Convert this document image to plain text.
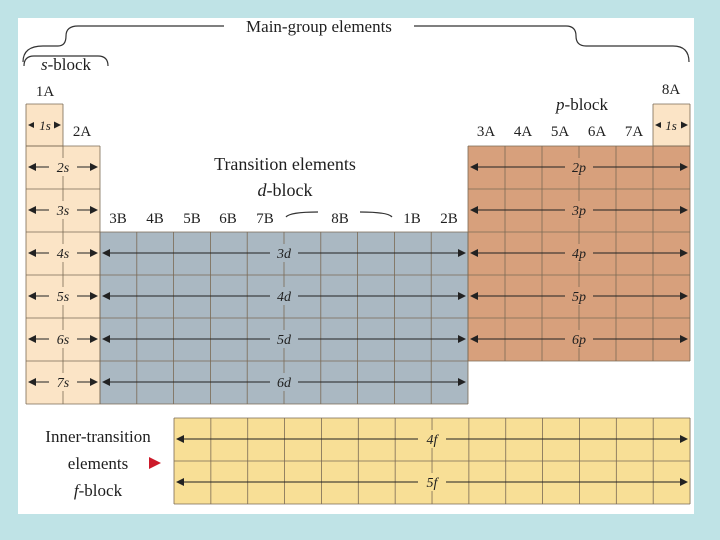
Main-group elements
s-block
p-block
Transition elements
d-block
1A
2A
3B 4B 5B 6B 7B	8B	1B 2B
3A 4A 5A 6A 7A
8A
1s	1s
2s
3s
4s
5s
6s
7s
3d
4d
5d
6d
2p
3p
4p
5p
6p
4f
5f
Inner-transition
elements
f-block
